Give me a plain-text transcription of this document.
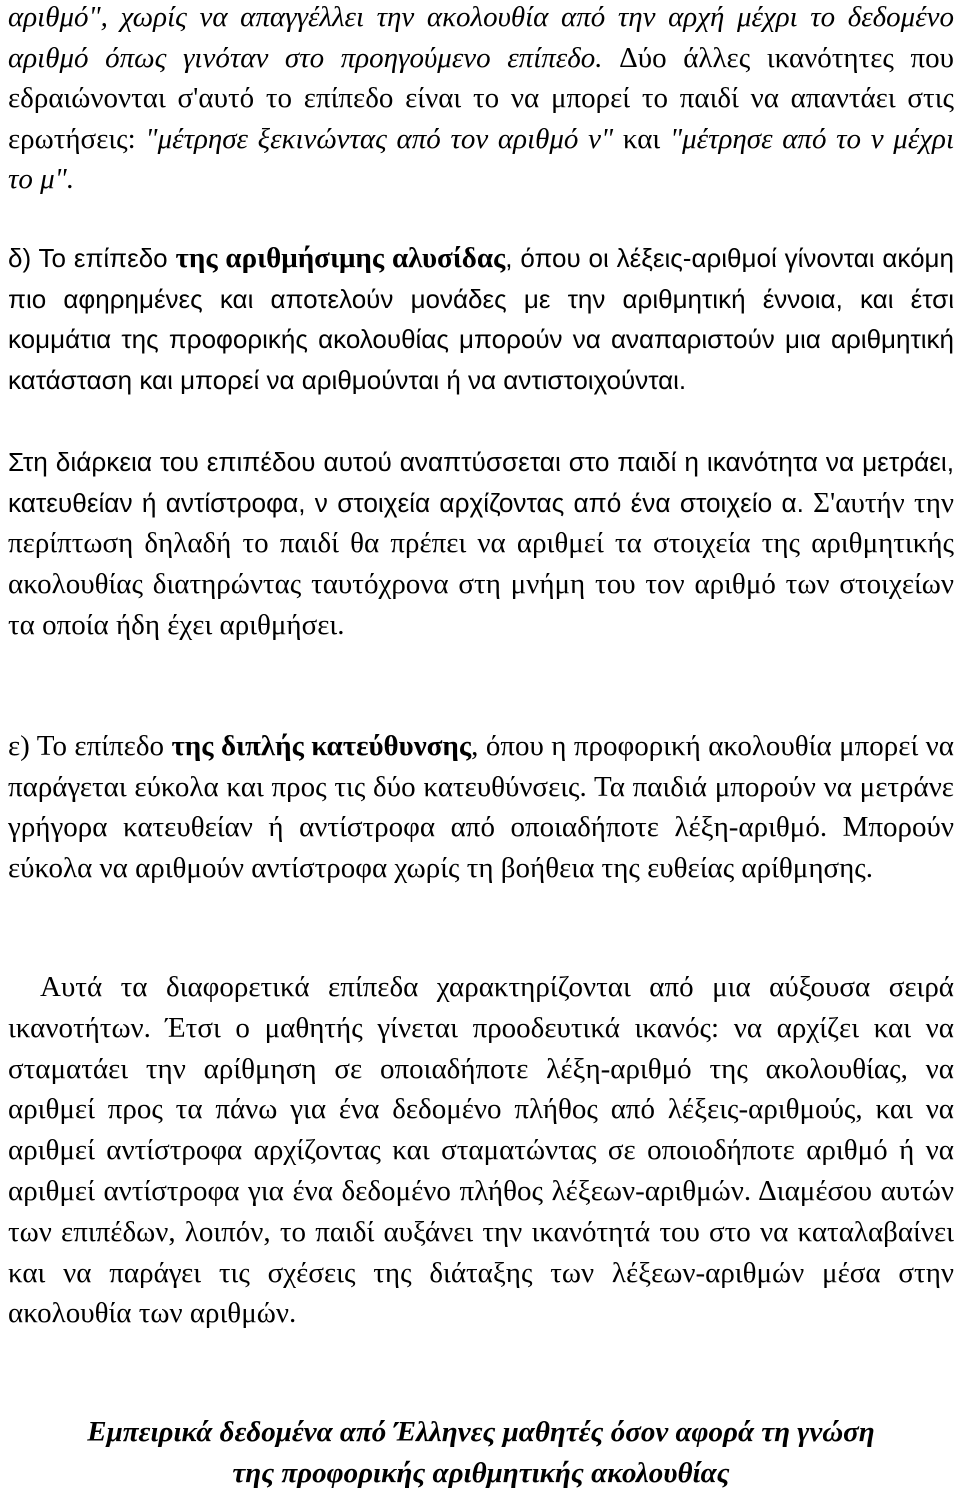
αριθμό", χωρίς να απαγγέλλει την ακολουθία από την αρχή μέχρι το δεδομένο αριθμό όπως γινόταν στο προηγούμενο επίπεδο. Δύο άλλες ικανότητες που εδραιώνονται σ'αυτό το επίπεδο είναι το να μπορεί το παιδί να απαντάει στις ερωτήσεις: "μέτρησε ξεκινώντας από τον αριθμό ν" και "μέτρησε από το ν μέχρι το μ".

δ) Το επίπεδο της αριθμήσιμης αλυσίδας, όπου οι λέξεις-αριθμοί γίνονται ακόμη πιο αφηρημένες και αποτελούν μονάδες με την αριθμητική έννοια, και έτσι κομμάτια της προφορικής ακολουθίας μπορούν να αναπαριστούν μια αριθμητική κατάσταση και μπορεί να αριθμούνται ή να αντιστοιχούνται.

Στη διάρκεια του επιπέδου αυτού αναπτύσσεται στο παιδί η ικανότητα να μετράει, κατευθείαν ή αντίστροφα, ν στοιχεία αρχίζοντας από ένα στοιχείο α. Σ'αυτήν την περίπτωση δηλαδή το παιδί θα πρέπει να αριθμεί τα στοιχεία της αριθμητικής ακολουθίας διατηρώντας ταυτόχρονα στη μνήμη του τον αριθμό των στοιχείων τα οποία ήδη έχει αριθμήσει.

ε) Το επίπεδο της διπλής κατεύθυνσης, όπου η προφορική ακολουθία μπορεί να παράγεται εύκολα και προς τις δύο κατευθύνσεις. Τα παιδιά μπορούν να μετράνε γρήγορα κατευθείαν ή αντίστροφα από οποιαδήποτε λέξη-αριθμό. Μπορούν εύκολα να αριθμούν αντίστροφα χωρίς τη βοήθεια της ευθείας αρίθμησης.

Αυτά τα διαφορετικά επίπεδα χαρακτηρίζονται από μια αύξουσα σειρά ικανοτήτων. Έτσι ο μαθητής γίνεται προοδευτικά ικανός: να αρχίζει και να σταματάει την αρίθμηση σε οποιαδήποτε λέξη-αριθμό της ακολουθίας, να αριθμεί προς τα πάνω για ένα δεδομένο πλήθος από λέξεις-αριθμούς, και να αριθμεί αντίστροφα αρχίζοντας και σταματώντας σε οποιοδήποτε αριθμό ή να αριθμεί αντίστροφα για ένα δεδομένο πλήθος λέξεων-αριθμών. Διαμέσου αυτών των επιπέδων, λοιπόν, το παιδί αυξάνει την ικανότητά του στο να καταλαβαίνει και να παράγει τις σχέσεις της διάταξης των λέξεων-αριθμών μέσα στην ακολουθία των αριθμών.

Εμπειρικά δεδομένα από Έλληνες μαθητές όσον αφορά τη γνώση

της προφορικής αριθμητικής ακολουθίας
